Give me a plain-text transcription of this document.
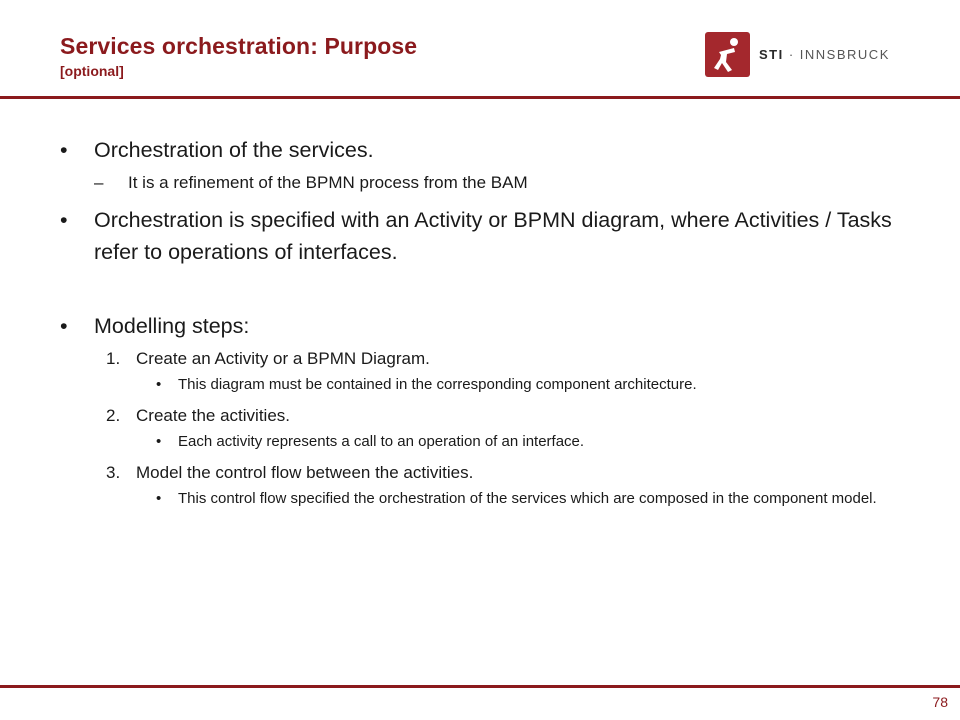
Services orchestration: Purpose
[optional]
STI · INNSBRUCK
• Orchestration of the services.
– It is a refinement of the BPMN process from the BAM
• Orchestration is specified with an Activity or BPMN diagram, where Activities / Tasks refer to operations of interfaces.
• Modelling steps:
1. Create an Activity or a BPMN Diagram.
• This diagram must be contained in the corresponding component architecture.
2. Create the activities.
• Each activity represents a call to an operation of an interface.
3. Model the control flow between the activities.
• This control flow specified the orchestration of the services which are composed in the component model.
78
